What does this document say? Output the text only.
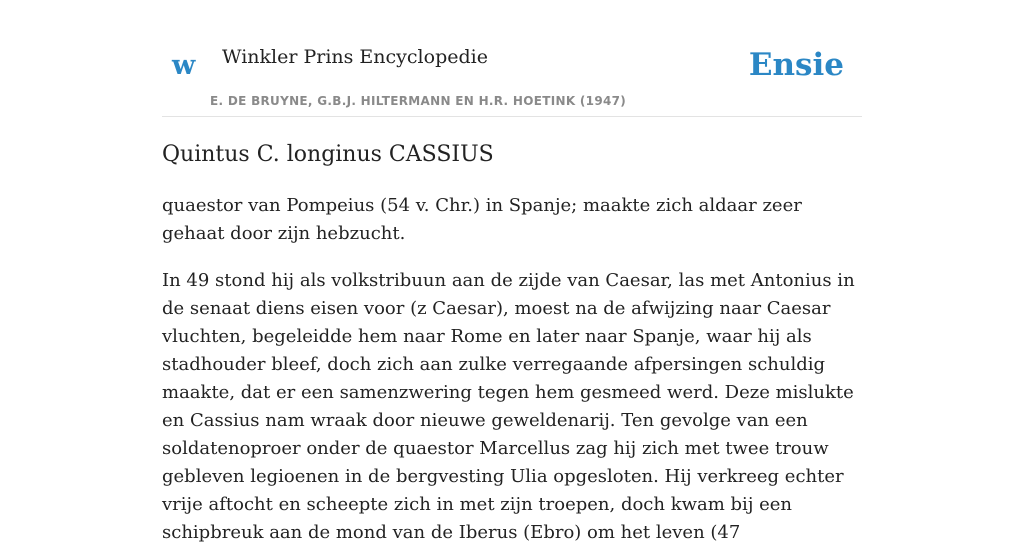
w Winkler Prins Encyclopedie
E. DE BRUYNE, G.B.J. HILTERMANN EN H.R. HOETINK (1947)
Ensie
Quintus C. longinus CASSIUS

quaestor van Pompeius (54 v. Chr.) in Spanje; maakte zich aldaar zeer gehaat door zijn hebzucht.

In 49 stond hij als volkstribuun aan de zijde van Caesar, las met Antonius in de senaat diens eisen voor (z Caesar), moest na de afwijzing naar Caesar vluchten, begeleidde hem naar Rome en later naar Spanje, waar hij als stadhouder bleef, doch zich aan zulke verregaande afpersingen schuldig maakte, dat er een samenzwering tegen hem gesmeed werd. Deze mislukte en Cassius nam wraak door nieuwe geweldenarij. Ten gevolge van een soldatenoproer onder de quaestor Marcellus zag hij zich met twee trouw gebleven legioenen in de bergvesting Ulia opgesloten. Hij verkreeg echter vrije aftocht en scheepte zich in met zijn troepen, doch kwam bij een schipbreuk aan de mond van de Iberus (Ebro) om het leven (47
